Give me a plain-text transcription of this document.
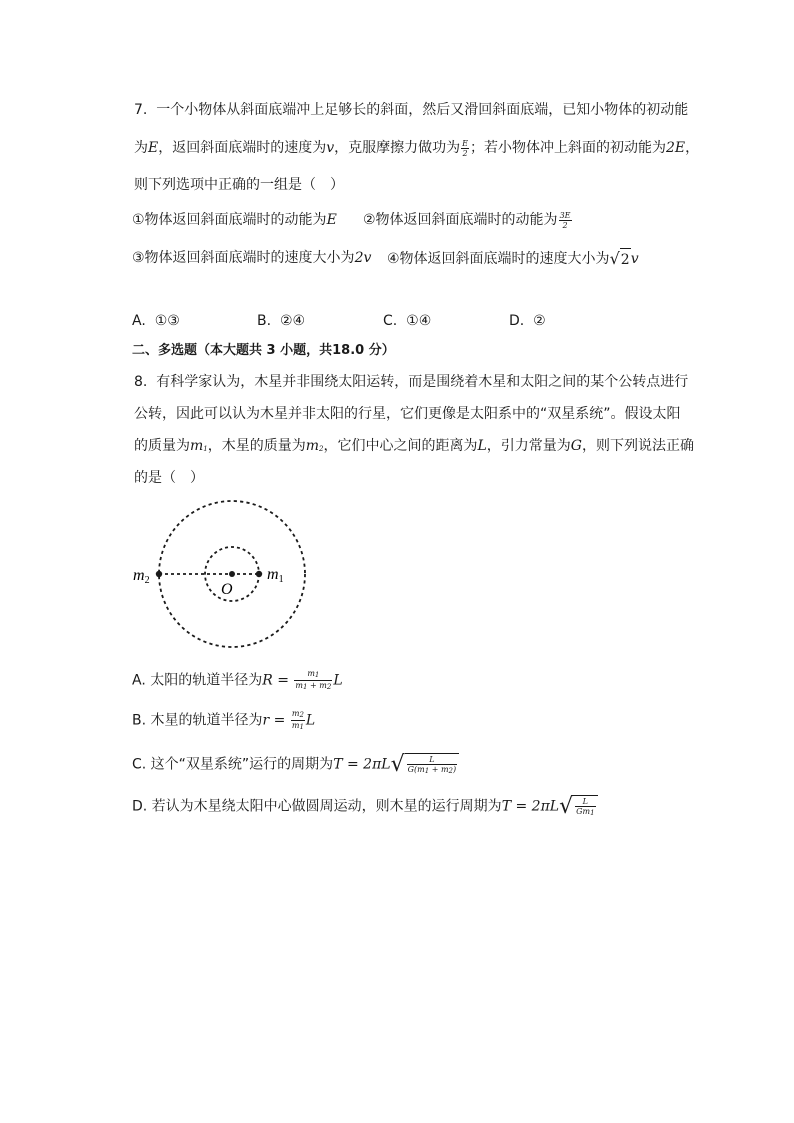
7. 一个小物体从斜面底端冲上足够长的斜面，然后又滑回斜面底端，已知小物体的初动能
为E，返回斜面底端时的速度为v，克服摩擦力做功为 $\frac{E}{2}$ ；若小物体冲上斜面的初动能为2E，
则下列选项中正确的一组是（　）
①物体返回斜面底端时的动能为E ②物体返回斜面底端时的动能为 $\frac{3E}{2}$
③物体返回斜面底端时的速度大小为2v ④物体返回斜面底端时的速度大小为√2v
A. ①③	B. ②④	C. ①④	D. ②
二、多选题（本大题共 3 小题，共18.0 分）
8. 有科学家认为，木星并非围绕太阳运转，而是围绕着木星和太阳之间的某个公转点进行
公转，因此可以认为木星并非太阳的行星，它们更像是太阳系中的“双星系统”。假设太阳
的质量为m1，木星的质量为m2，它们中心之间的距离为L，引力常量为G，则下列说法正确
的是（　）
m2	m1
O
A. 太阳的轨道半径为$R = \frac{m1}{m1 + m2}$ L
B. 木星的轨道半径为$r = \frac{m2}{m1}$ L
C. 这个“双星系统”运行的周期为$T = 2\pi L√ \frac{L}{G(m1 + m2)}$
D. 若认为木星绕太阳中心做圆周运动，则木星的运行周期为$T = 2\pi L√ \frac{L}{Gm1}$
